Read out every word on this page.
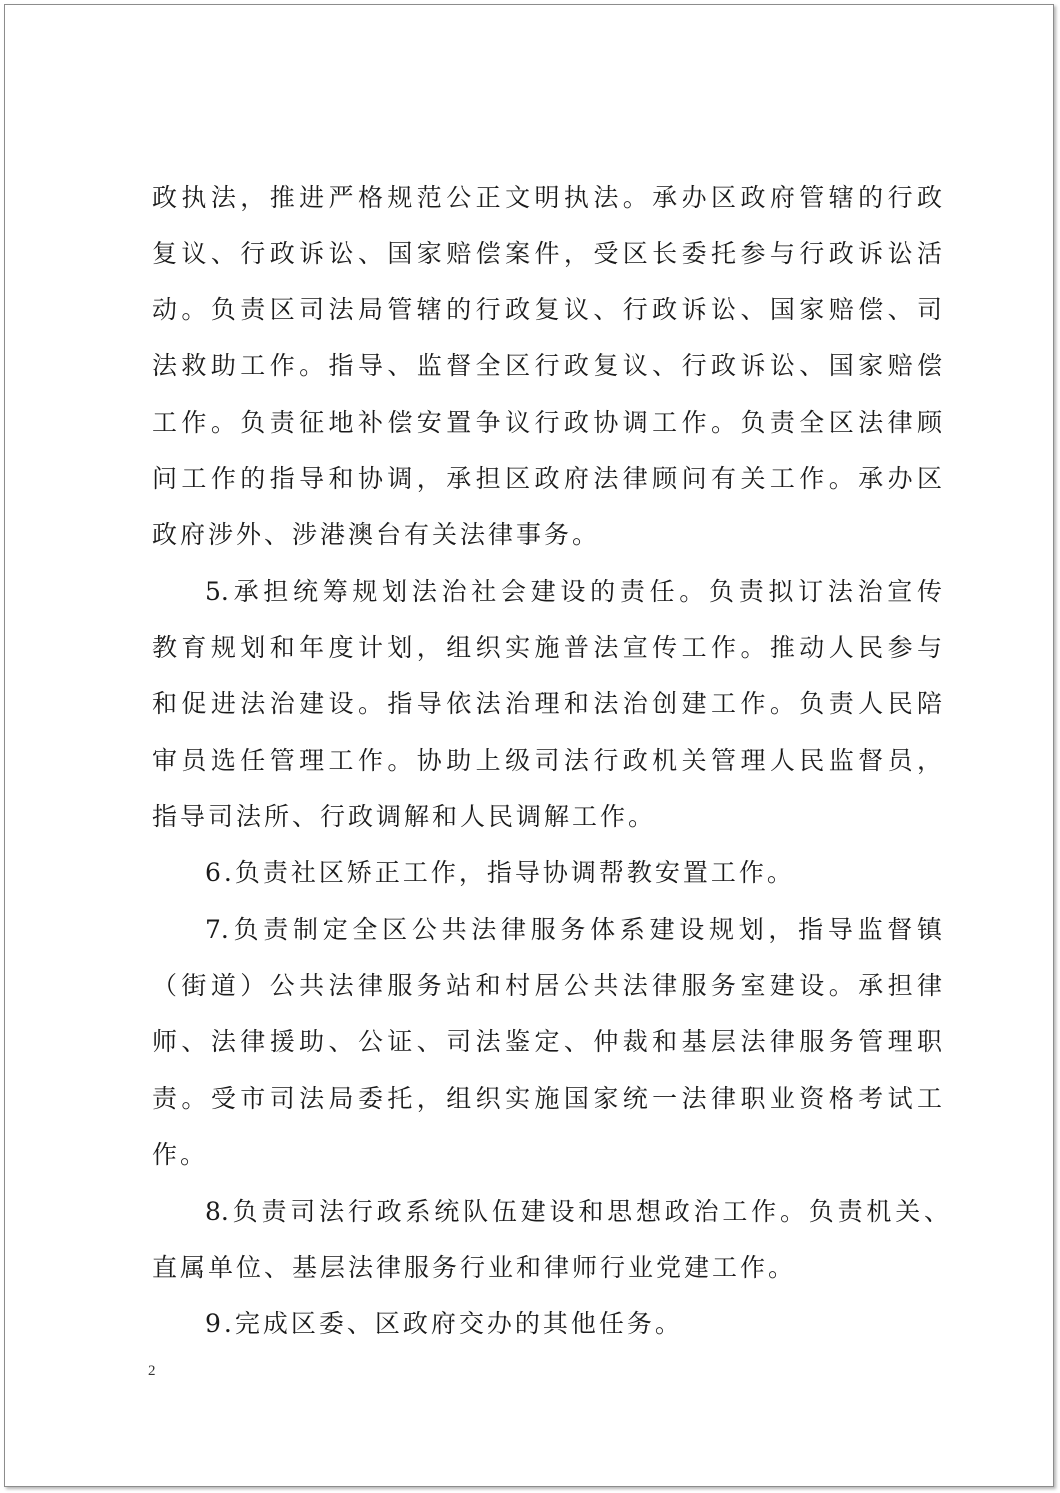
政执法，推进严格规范公正文明执法。承办区政府管辖的行政
复议、行政诉讼、国家赔偿案件，受区长委托参与行政诉讼活
动。负责区司法局管辖的行政复议、行政诉讼、国家赔偿、司
法救助工作。指导、监督全区行政复议、行政诉讼、国家赔偿
工作。负责征地补偿安置争议行政协调工作。负责全区法律顾
问工作的指导和协调，承担区政府法律顾问有关工作。承办区
政府涉外、涉港澳台有关法律事务。
5.承担统筹规划法治社会建设的责任。负责拟订法治宣传
教育规划和年度计划，组织实施普法宣传工作。推动人民参与
和促进法治建设。指导依法治理和法治创建工作。负责人民陪
审员选任管理工作。协助上级司法行政机关管理人民监督员，
指导司法所、行政调解和人民调解工作。
6.负责社区矫正工作，指导协调帮教安置工作。
7.负责制定全区公共法律服务体系建设规划，指导监督镇
（街道）公共法律服务站和村居公共法律服务室建设。承担律
师、法律援助、公证、司法鉴定、仲裁和基层法律服务管理职
责。受市司法局委托，组织实施国家统一法律职业资格考试工
作。
8.负责司法行政系统队伍建设和思想政治工作。负责机关、
直属单位、基层法律服务行业和律师行业党建工作。
9.完成区委、区政府交办的其他任务。
2
